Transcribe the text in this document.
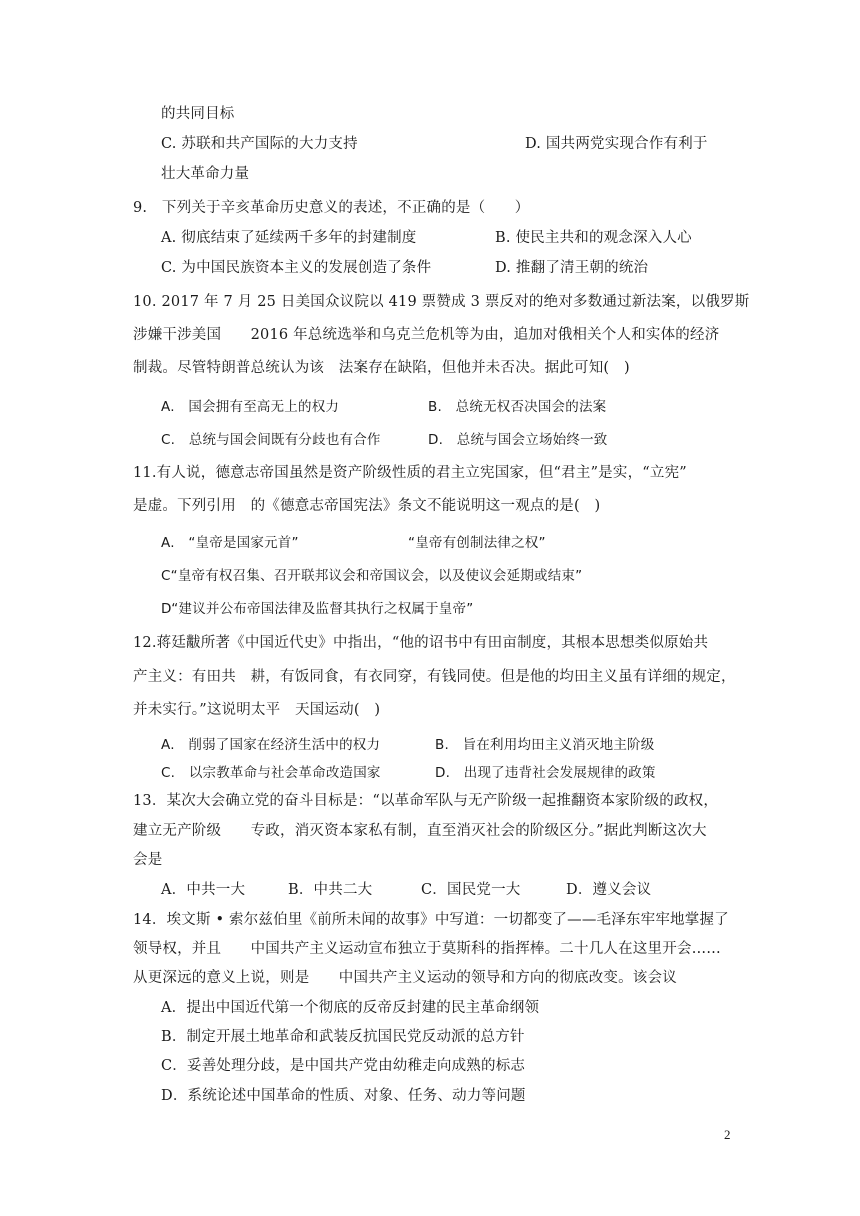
的共同目标
C. 苏联和共产国际的大力支持	D. 国共两党实现合作有利于
壮大革命力量
9.　下列关于辛亥革命历史意义的表述，不正确的是（　　）
A. 彻底结束了延续两千多年的封建制度	B. 使民主共和的观念深入人心
C. 为中国民族资本主义的发展创造了条件	D. 推翻了清王朝的统治
10. 2017 年 7 月 25 日美国众议院以 419 票赞成 3 票反对的绝对多数通过新法案，以俄罗斯
涉嫌干涉美国　　2016 年总统选举和乌克兰危机等为由，追加对俄相关个人和实体的经济
制裁。尽管特朗普总统认为该　法案存在缺陷，但他并未否决。据此可知(　)
A.　国会拥有至高无上的权力	B.　总统无权否决国会的法案
C.　总统与国会间既有分歧也有合作	D.　总统与国会立场始终一致
11.有人说，德意志帝国虽然是资产阶级性质的君主立宪国家，但“君主”是实，“立宪”
是虚。下列引用　的《德意志帝国宪法》条文不能说明这一观点的是(　)
A.　“皇帝是国家元首”	“皇帝有创制法律之权”
C“皇帝有权召集、召开联邦议会和帝国议会，以及使议会延期或结束”
D“建议并公布帝国法律及监督其执行之权属于皇帝”
12.蒋廷黻所著《中国近代史》中指出，“他的诏书中有田亩制度，其根本思想类似原始共
产主义：有田共　耕，有饭同食，有衣同穿，有钱同使。但是他的均田主义虽有详细的规定，
并未实行。”这说明太平　天国运动(　)
A.　削弱了国家在经济生活中的权力	B.　旨在利用均田主义消灭地主阶级
C.　以宗教革命与社会革命改造国家	D.　出现了违背社会发展规律的政策
13．某次大会确立党的奋斗目标是：“以革命军队与无产阶级一起推翻资本家阶级的政权，
建立无产阶级　　专政，消灭资本家私有制，直至消灭社会的阶级区分。”据此判断这次大
会是
A．中共一大	B．中共二大	C．国民党一大	D．遵义会议
14．埃文斯 • 索尔兹伯里《前所未闻的故事》中写道：一切都变了——毛泽东牢牢地掌握了
领导权，并且　　中国共产主义运动宣布独立于莫斯科的指挥棒。二十几人在这里开会……
从更深远的意义上说，则是　　中国共产主义运动的领导和方向的彻底改变。该会议
A．提出中国近代第一个彻底的反帝反封建的民主革命纲领
B．制定开展土地革命和武装反抗国民党反动派的总方针
C．妥善处理分歧，是中国共产党由幼稚走向成熟的标志
D．系统论述中国革命的性质、对象、任务、动力等问题
2
